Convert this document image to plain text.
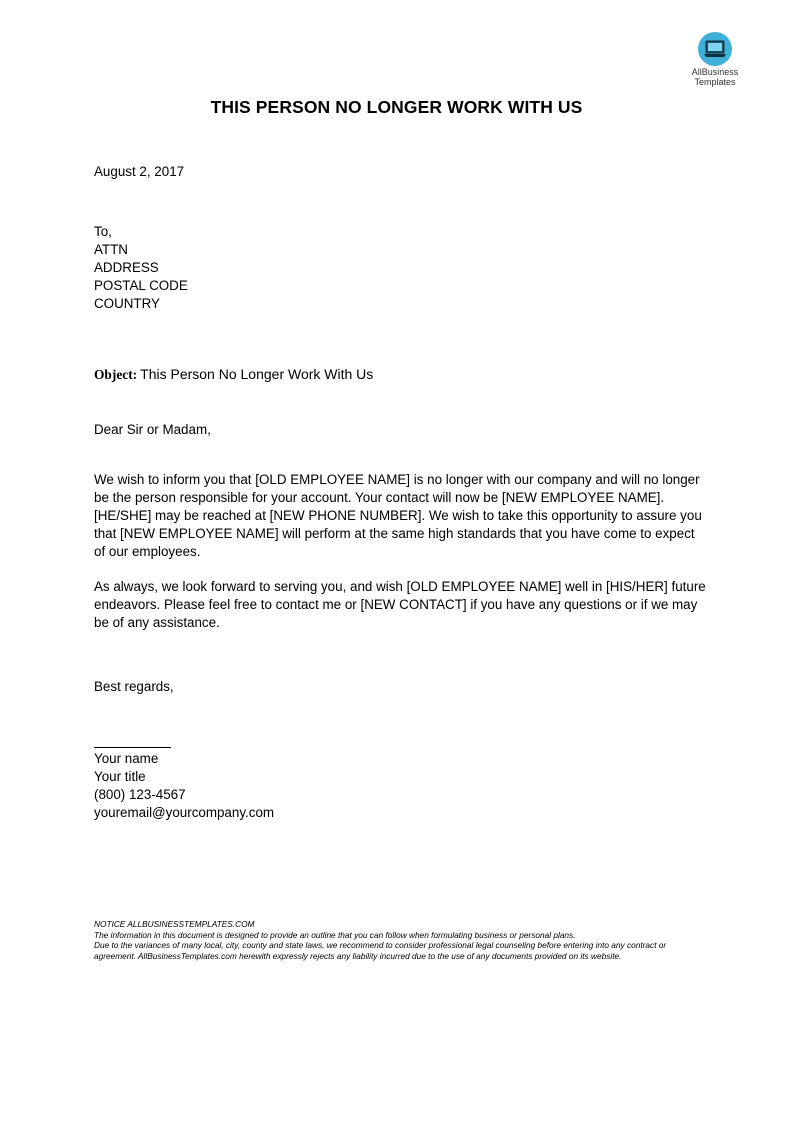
AllBusiness
Templates
THIS PERSON NO LONGER WORK WITH US
August 2, 2017
To,
ATTN
ADDRESS
POSTAL CODE
COUNTRY
Object: This Person No Longer Work With Us
Dear Sir or Madam,
We wish to inform you that [OLD EMPLOYEE NAME] is no longer with our company and will no longer
be the person responsible for your account. Your contact will now be [NEW EMPLOYEE NAME].
[HE/SHE] may be reached at [NEW PHONE NUMBER]. We wish to take this opportunity to assure you
that [NEW EMPLOYEE NAME] will perform at the same high standards that you have come to expect
of our employees.
As always, we look forward to serving you, and wish [OLD EMPLOYEE NAME] well in [HIS/HER] future
endeavors. Please feel free to contact me or [NEW CONTACT] if you have any questions or if we may
be of any assistance.
Best regards,
Your name
Your title
(800) 123-4567
youremail@yourcompany.com
NOTICE ALLBUSINESSTEMPLATES.COM
The information in this document is designed to provide an outline that you can follow when formulating business or personal plans.
Due to the variances of many local, city, county and state laws, we recommend to consider professional legal counseling before entering into any contract or agreement. AllBusinessTemplates.com herewith expressly rejects any liability incurred due to the use of any documents provided on its website.
